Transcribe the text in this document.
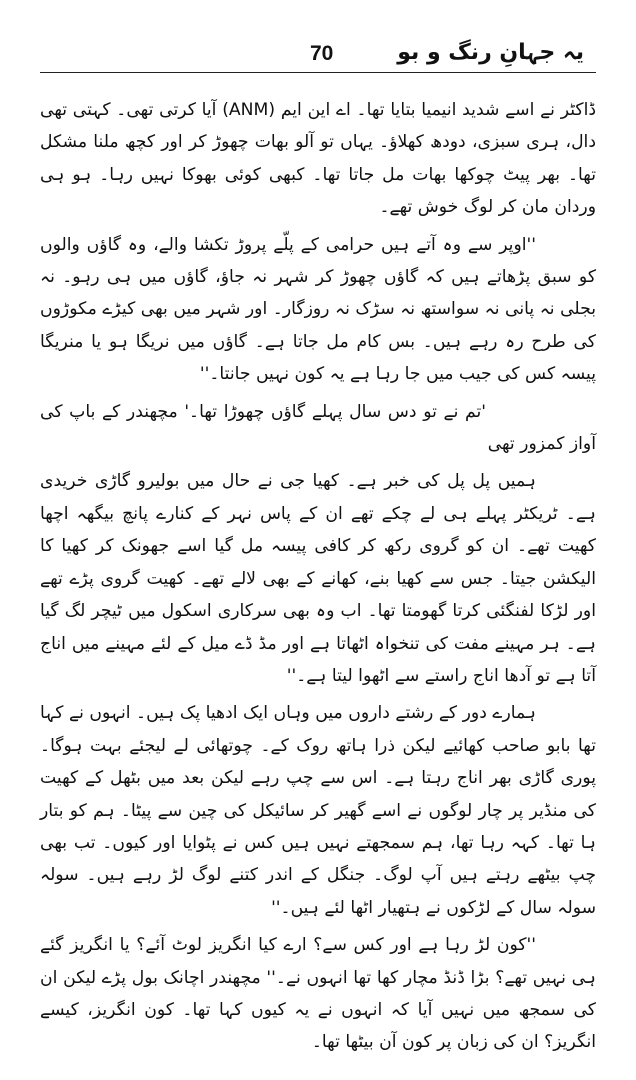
یہ جہانِ رنگ و بو
70

ڈاکٹر نے اسے شدید انیمیا بتایا تھا۔ اے این ایم (ANM) آیا کرتی تھی۔ کہتی تھی دال، ہری سبزی، دودھ کھلاؤ۔ یہاں تو آلو بھات چھوڑ کر اور کچھ ملنا مشکل تھا۔ بھر پیٹ چوکھا بھات مل جاتا تھا۔ کبھی کوئی بھوکا نہیں رہا۔ ہو ہی وردان مان کر لوگ خوش تھے۔

''اوپر سے وہ آتے ہیں حرامی کے پلّے پروڑ تکشا والے، وہ گاؤں والوں کو سبق پڑھاتے ہیں کہ گاؤں چھوڑ کر شہر نہ جاؤ، گاؤں میں ہی رہو۔ نہ بجلی نہ پانی نہ سواستھ نہ سڑک نہ روزگار۔ اور شہر میں بھی کیڑے مکوڑوں کی طرح رہ رہے ہیں۔ بس کام مل جاتا ہے۔ گاؤں میں نریگا ہو یا منریگا پیسہ کس کی جیب میں جا رہا ہے یہ کون نہیں جانتا۔''

'تم نے تو دس سال پہلے گاؤں چھوڑا تھا۔' مچھندر کے باپ کی آواز کمزور تھی

ہمیں پل پل کی خبر ہے۔ کھیا جی نے حال میں بولیرو گاڑی خریدی ہے۔ ٹریکٹر پہلے ہی لے چکے تھے ان کے پاس نہر کے کنارے پانچ بیگھہ اچھا کھیت تھے۔ ان کو گروی رکھ کر کافی پیسہ مل گیا اسے جھونک کر کھیا کا الیکشن جیتا۔ جس سے کھیا بنے، کھانے کے بھی لالے تھے۔ کھیت گروی پڑے تھے اور لڑکا لفنگئی کرتا گھومتا تھا۔ اب وہ بھی سرکاری اسکول میں ٹیچر لگ گیا ہے۔ ہر مہینے مفت کی تنخواہ اٹھاتا ہے اور مڈ ڈے میل کے لئے مہینے میں اناج آتا ہے تو آدھا اناج راستے سے اٹھوا لیتا ہے۔''

ہمارے دور کے رشتے داروں میں وہاں ایک ادھیا پک ہیں۔ انہوں نے کہا تھا بابو صاحب کھائیے لیکن ذرا ہاتھ روک کے۔ چوتھائی لے لیجئے بہت ہوگا۔ پوری گاڑی بھر اناج رہتا ہے۔ اس سے چپ رہے لیکن بعد میں بٹھل کے کھیت کی منڈیر پر چار لوگوں نے اسے گھیر کر سائیکل کی چین سے پیٹا۔ ہم کو بتار ہا تھا۔ کہہ رہا تھا، ہم سمجھتے نہیں ہیں کس نے پٹوایا اور کیوں۔ تب بھی چپ بیٹھے رہتے ہیں آپ لوگ۔ جنگل کے اندر کتنے لوگ لڑ رہے ہیں۔ سولہ سولہ سال کے لڑکوں نے ہتھیار اٹھا لئے ہیں۔''

''کون لڑ رہا ہے اور کس سے؟ ارے کیا انگریز لوٹ آئے؟ یا انگریز گئے ہی نہیں تھے؟ بڑا ڈنڈ مچار کھا تھا انہوں نے۔'' مچھندر اچانک بول پڑے لیکن ان کی سمجھ میں نہیں آیا کہ انہوں نے یہ کیوں کہا تھا۔ کون انگریز، کیسے انگریز؟ ان کی زبان پر کون آن بیٹھا تھا۔
